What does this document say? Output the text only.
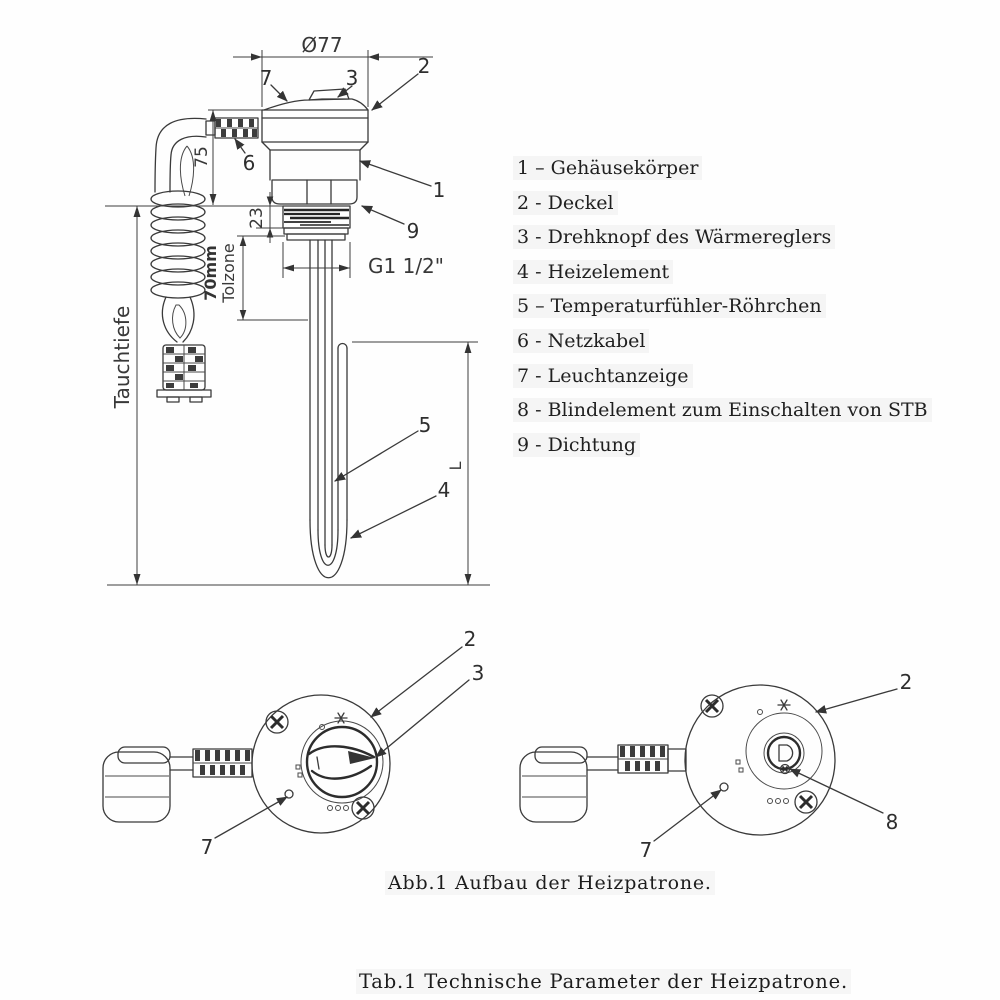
Ø77
75
23
70mm Tolzone
Tauchtiefe
L
G1 1/2"
7	3	2
6
1
9
5
4
2
3
7
2
8
7
1 – Gehäusekörper
2 - Deckel
3 - Drehknopf des Wärmereglers
4 - Heizelement
5 – Temperaturfühler-Röhrchen
6 - Netzkabel
7 - Leuchtanzeige
8 - Blindelement zum Einschalten von STB
9 - Dichtung
Abb.1 Aufbau der Heizpatrone.
Tab.1 Technische Parameter der Heizpatrone.
